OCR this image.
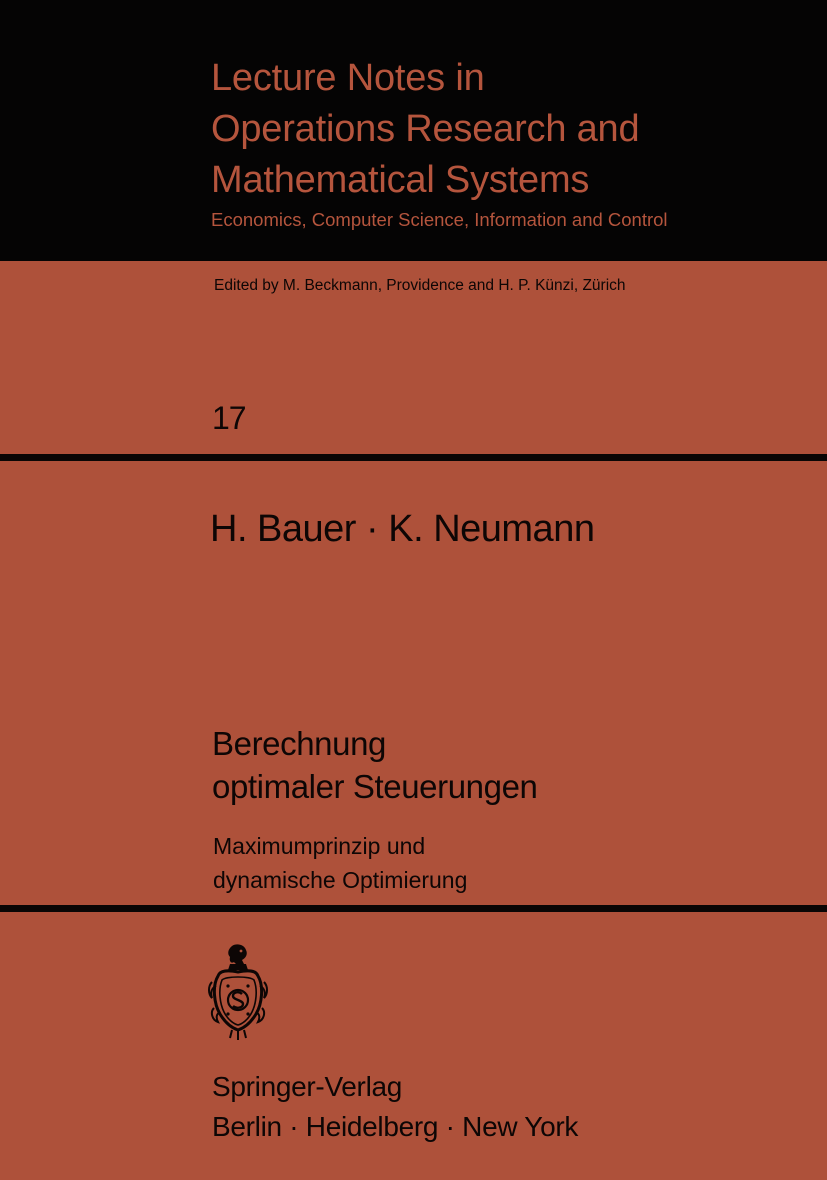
Lecture Notes in
Operations Research and
Mathematical Systems
Economics, Computer Science, Information and Control
Edited by M. Beckmann, Providence and H. P. Künzi, Zürich
17
H. Bauer · K. Neumann
Berechnung
optimaler Steuerungen
Maximumprinzip und
dynamische Optimierung
Springer-Verlag
Berlin · Heidelberg · New York
